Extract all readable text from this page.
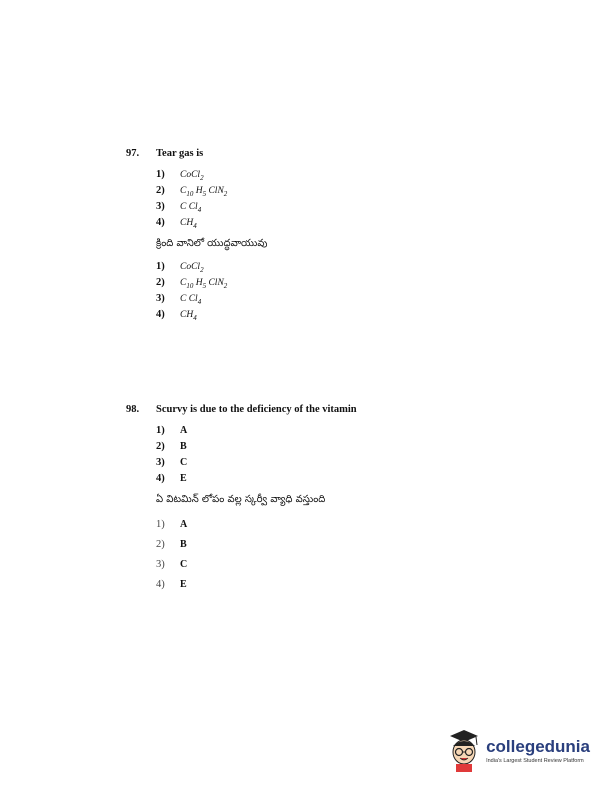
97.	Tear gas is
1)	CoCl$_2$
2)	$C_{10}$ $H_5$ ClN$_2$
3)	C $Cl_4$
4)	$CH_4$
క్రింది వానిలో యుద్ధవాయువు
1)	CoCl$_2$
2)	$C_{10}$ $H_5$ ClN$_2$
3)	C $Cl_4$
4)	$CH_4$
98.	Scurvy is due to the deficiency of the vitamin
1)	A
2)	B
3)	C
4)	E
ఏ విటమిన్ లోపం వల్ల స్కర్వీ వ్యాధి వస్తుంది
1)	A
2)	B
3)	C
4)	E
collegedunia
India's Largest Student Review Platform
